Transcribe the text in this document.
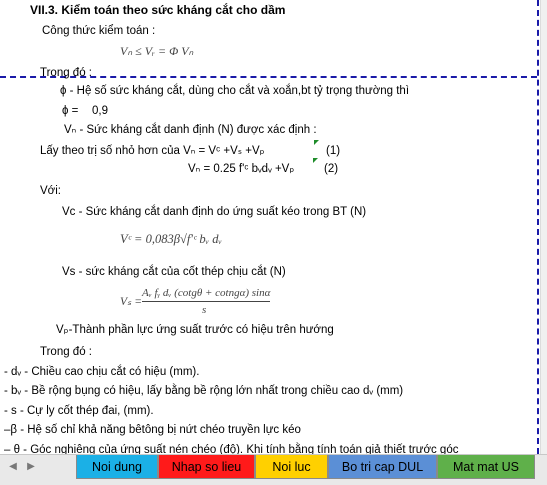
VII.3. Kiểm toán theo sức kháng cắt cho dầm
Công thức kiểm toán :
Vₙ ≤ Vᵣ = Φ Vₙ
Trong đó :
ϕ - Hệ số sức kháng cắt, dùng cho cắt và xoắn,bt tỷ trọng thường thì
ϕ = 0,9
Vₙ - Sức kháng cắt danh định (N) được xác định :
Lấy theo trị số nhỏ hơn của Vₙ = Vᶜ +Vₛ +Vₚ	(1)
Vₙ = 0.25 f'ᶜ bᵥdᵥ +Vₚ	(2)
Với:
Vc - Sức kháng cắt danh định do ứng suất kéo trong BT (N)
Vᶜ = 0,083β√f'ᶜ bᵥ dᵥ
Vs - sức kháng cắt của cốt thép chịu cắt (N)
Vₛ =
Aᵥ fᵧ dᵥ (cotgθ + cotngα) sinα
s
Vₚ-Thành phần lực ứng suất trước có hiệu trên hướng
Trong đó :
- dᵥ - Chiều cao chịu cắt có hiệu (mm).
- bᵥ - Bề rộng bụng có hiệu, lấy bằng bề rộng lớn nhất trong chiều cao dᵥ (mm)
- s - Cự ly cốt thép đai, (mm).
–β - Hệ số chỉ khả năng bêtông bị nứt chéo truyền lực kéo
– θ - Góc nghiêng của ứng suất nén chéo (độ). Khi tính bằng tính toán giả thiết trước góc
◀	▶	Noi dung	Nhap so lieu	Noi luc	Bo tri cap DUL	Mat mat US
